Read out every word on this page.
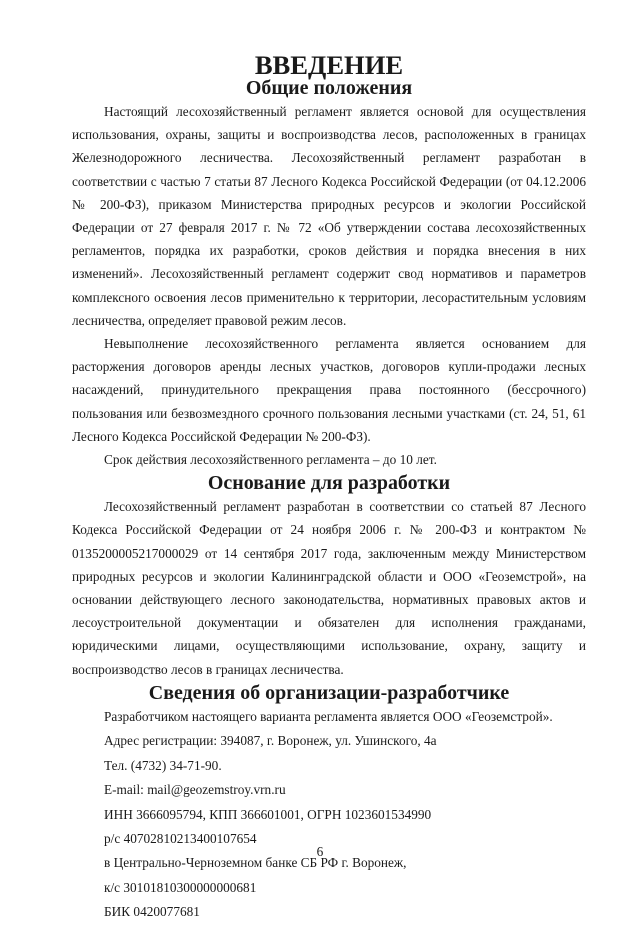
ВВЕДЕНИЕ
Общие положения

Настоящий лесохозяйственный регламент является основой для осуществления использования, охраны, защиты и воспроизводства лесов, расположенных в границах Железнодорожного лесничества. Лесохозяйственный регламент разработан в соответствии с частью 7 статьи 87 Лесного Кодекса Российской Федерации (от 04.12.2006 № 200-ФЗ), приказом Министерства природных ресурсов и экологии Российской Федерации от 27 февраля 2017 г. № 72 «Об утверждении состава лесохозяйственных регламентов, порядка их разработки, сроков действия и порядка внесения в них изменений». Лесохозяйственный регламент содержит свод нормативов и параметров комплексного освоения лесов применительно к территории, лесорастительным условиям лесничества, определяет правовой режим лесов.

Невыполнение лесохозяйственного регламента является основанием для расторжения договоров аренды лесных участков, договоров купли-продажи лесных насаждений, принудительного прекращения права постоянного (бессрочного) пользования или безвозмездного срочного пользования лесными участками (ст. 24, 51, 61 Лесного Кодекса Российской Федерации № 200-ФЗ).

Срок действия лесохозяйственного регламента – до 10 лет.

Основание для разработки

Лесохозяйственный регламент разработан в соответствии со статьей 87 Лесного Кодекса Российской Федерации от 24 ноября 2006 г. № 200-ФЗ и контрактом № 0135200005217000029 от 14 сентября 2017 года, заключенным между Министерством природных ресурсов и экологии Калининградской области и ООО «Геоземстрой», на основании действующего лесного законодательства, нормативных правовых актов и лесоустроительной документации и обязателен для исполнения гражданами, юридическими лицами, осуществляющими использование, охрану, защиту и воспроизводство лесов в границах лесничества.

Сведения об организации-разработчике

Разработчиком настоящего варианта регламента является ООО «Геоземстрой».

Адрес регистрации: 394087, г. Воронеж, ул. Ушинского, 4а

Тел. (4732) 34-71-90.

E-mail: mail@geozemstroy.vrn.ru

ИНН 3666095794, КПП 366601001, ОГРН 1023601534990

р/с 40702810213400107654

в Центрально-Черноземном банке СБ РФ г. Воронеж,

к/с 30101810300000000681

БИК 0420077681

6
